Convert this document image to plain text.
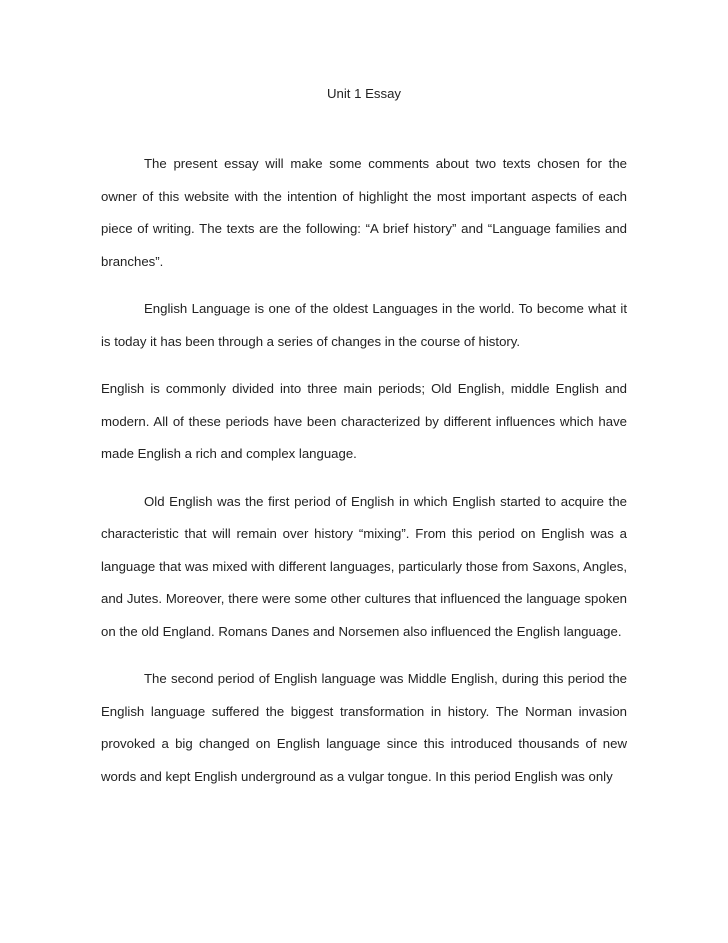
Unit 1 Essay

The present essay will make some comments about two texts chosen for the owner of this website with the intention of highlight the most important aspects of each piece of writing. The texts are the following: “A brief history” and “Language families and branches”.

English Language is one of the oldest Languages in the world. To become what it is today it has been through a series of changes in the course of history.

English is commonly divided into three main periods; Old English, middle English and modern. All of these periods have been characterized by different influences which have made English a rich and complex language.

Old English was the first period of English in which English started to acquire the characteristic that will remain over history “mixing”. From this period on English was a language that was mixed with different languages, particularly those from Saxons, Angles, and Jutes. Moreover, there were some other cultures that influenced the language spoken on the old England. Romans Danes and Norsemen also influenced the English language.

The second period of English language was Middle English, during this period the English language suffered the biggest transformation in history. The Norman invasion provoked a big changed on English language since this introduced thousands of new words and kept English underground as a vulgar tongue. In this period English was only
